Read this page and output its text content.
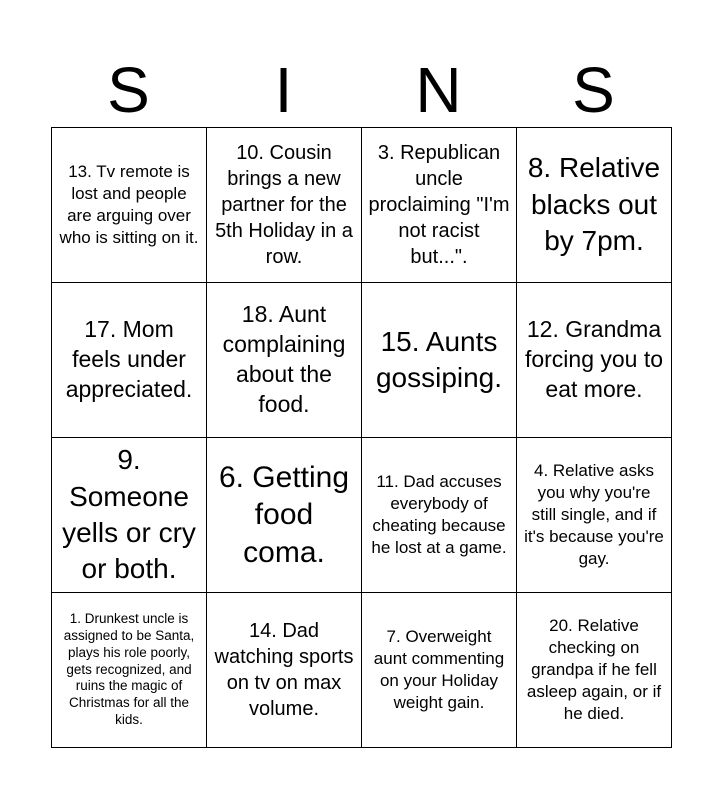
S	I	N	S
13. Tv remote is lost and people are arguing over who is sitting on it.
10. Cousin brings a new partner for the 5th Holiday in a row.
3. Republican uncle proclaiming "I'm not racist but...".
8. Relative blacks out by 7pm.
17. Mom feels under appreciated.
18. Aunt complaining about the food.
15. Aunts gossiping.
12. Grandma forcing you to eat more.
9. Someone yells or cry or both.
6. Getting food coma.
11. Dad accuses everybody of cheating because he lost at a game.
4. Relative asks you why you're still single, and if it's because you're gay.
1. Drunkest uncle is assigned to be Santa, plays his role poorly, gets recognized, and ruins the magic of Christmas for all the kids.
14. Dad watching sports on tv on max volume.
7. Overweight aunt commenting on your Holiday weight gain.
20. Relative checking on grandpa if he fell asleep again, or if he died.
